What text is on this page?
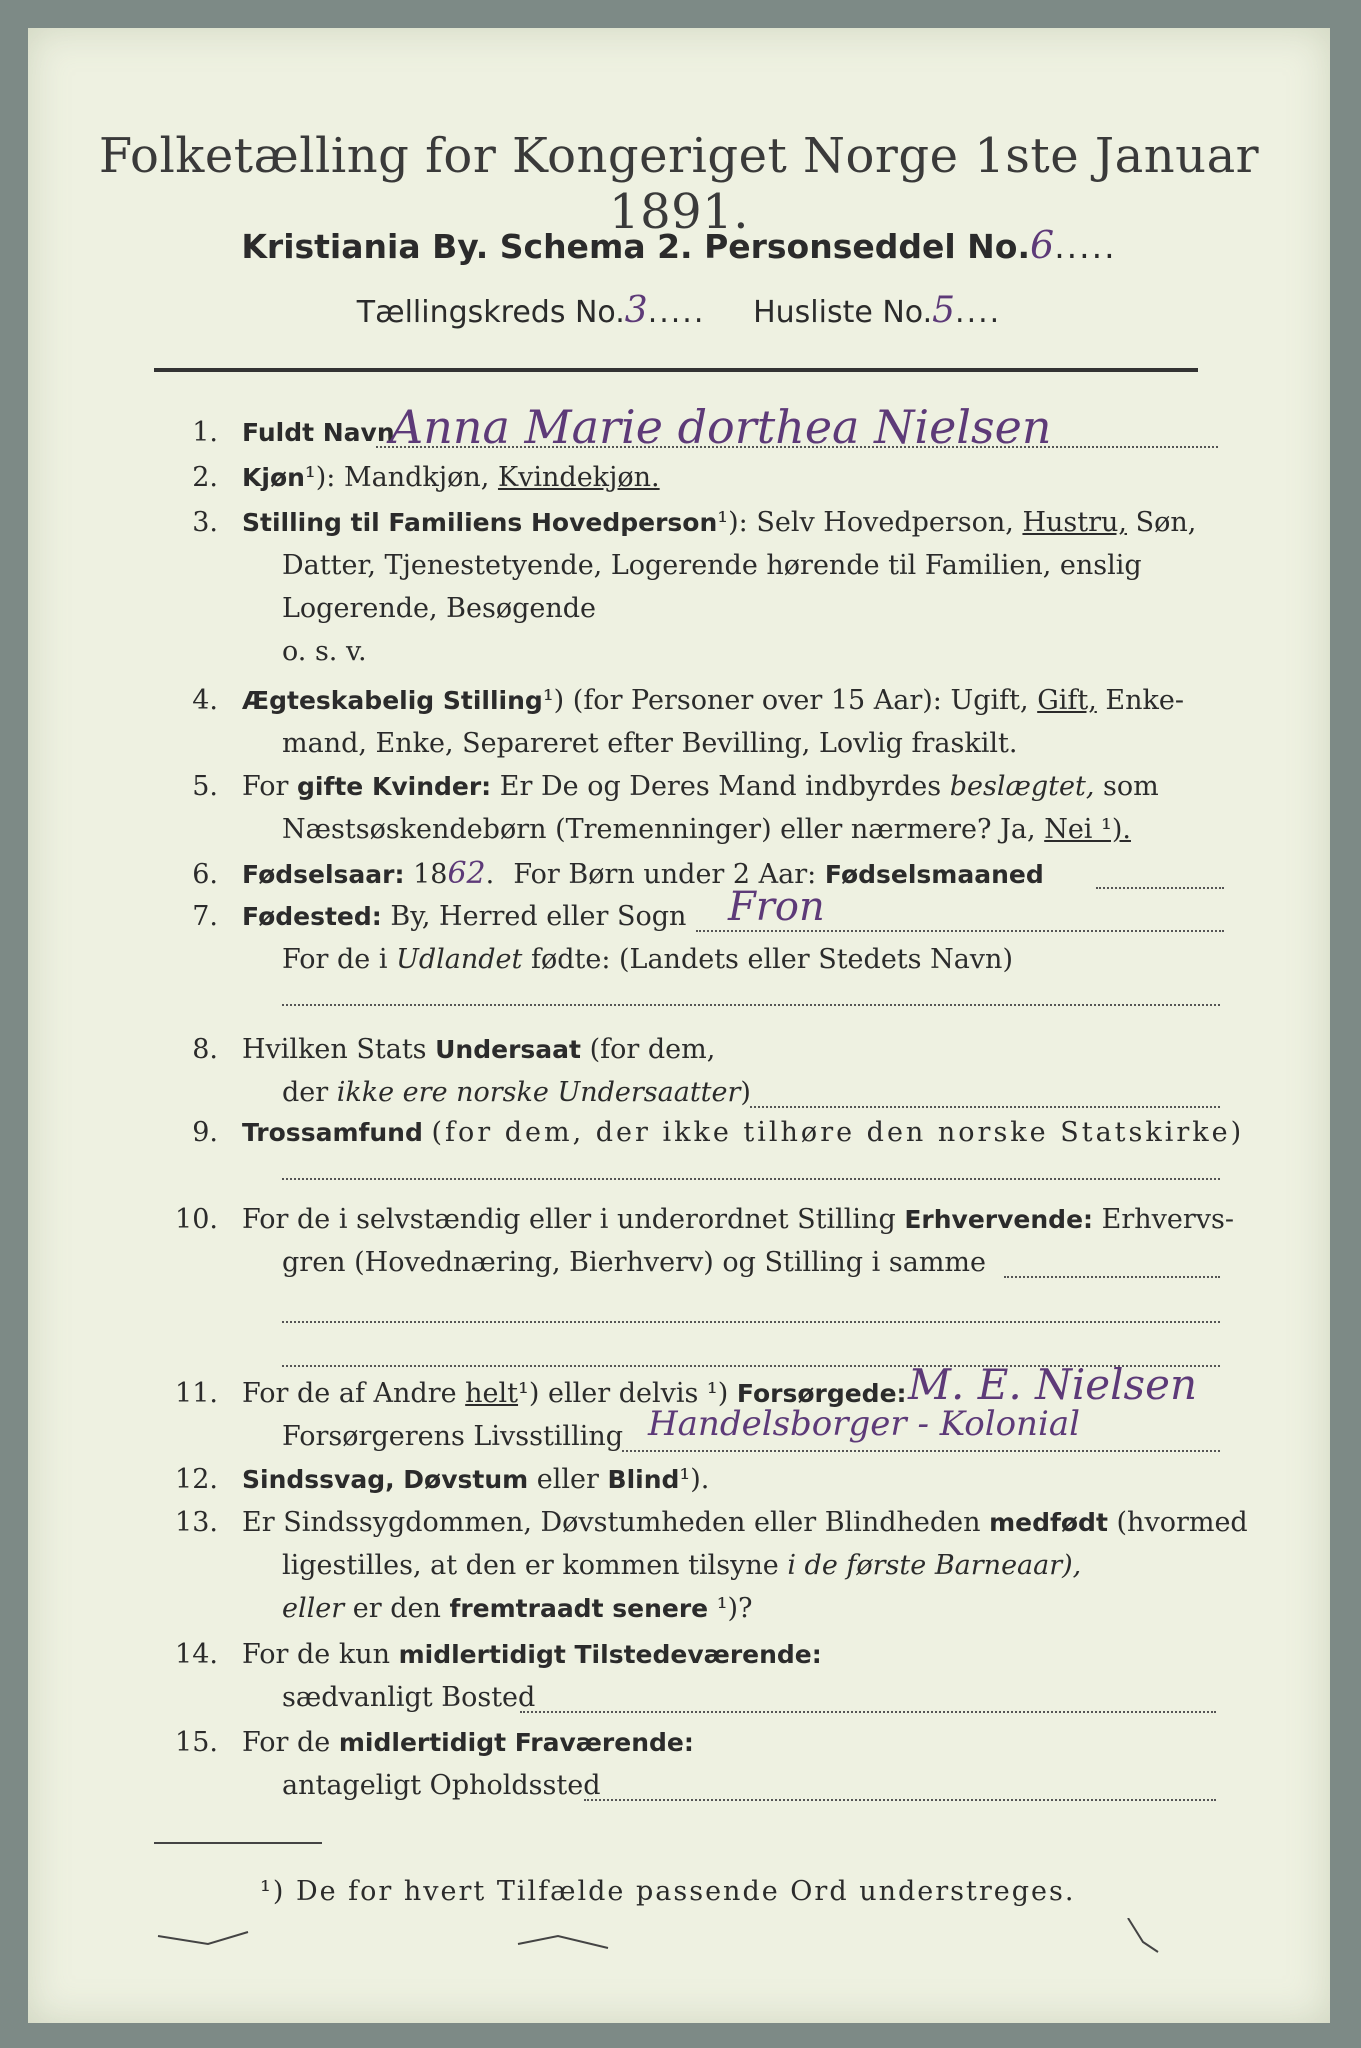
Folketælling for Kongeriget Norge 1ste Januar 1891.
Kristiania By. Schema 2. Personseddel No.6.....
Tællingskreds No.3..... Husliste No.5....
1. Fuldt Navn
Anna Marie dorthea Nielsen
2. Kjøn¹): Mandkjøn, Kvindekjøn.
3. Stilling til Familiens Hovedperson¹): Selv Hovedperson, Hustru, Søn,
Datter, Tjenestetyende, Logerende hørende til Familien, enslig
Logerende, Besøgende
o. s. v.
4. Ægteskabelig Stilling¹) (for Personer over 15 Aar): Ugift, Gift, Enke-
mand, Enke, Separeret efter Bevilling, Lovlig fraskilt.
5. For gifte Kvinder: Er De og Deres Mand indbyrdes beslægtet, som
Næstsøskendebørn (Tremenninger) eller nærmere? Ja, Nei ¹).
6. Fødselsaar: 1862. For Børn under 2 Aar: Fødselsmaaned
7. Fødested: By, Herred eller Sogn	Fron
For de i Udlandet fødte: (Landets eller Stedets Navn)
8. Hvilken Stats Undersaat (for dem,
der ikke ere norske Undersaatter)
9. Trossamfund (for dem, der ikke tilhøre den norske Statskirke)
10. For de i selvstændig eller i underordnet Stilling Erhvervende: Erhvervs-
gren (Hovednæring, Bierhverv) og Stilling i samme
11. For de af Andre helt¹) eller delvis ¹) Forsørgede: M. E. Nielsen
Forsørgerens Livsstilling Handelsborger - Kolonial
12. Sindssvag, Døvstum eller Blind¹).
13. Er Sindssygdommen, Døvstumheden eller Blindheden medfødt (hvormed
ligestilles, at den er kommen tilsyne i de første Barneaar),
eller er den fremtraadt senere ¹)?
14. For de kun midlertidigt Tilstedeværende:
sædvanligt Bosted
15. For de midlertidigt Fraværende:
antageligt Opholdssted
¹) De for hvert Tilfælde passende Ord understreges.
